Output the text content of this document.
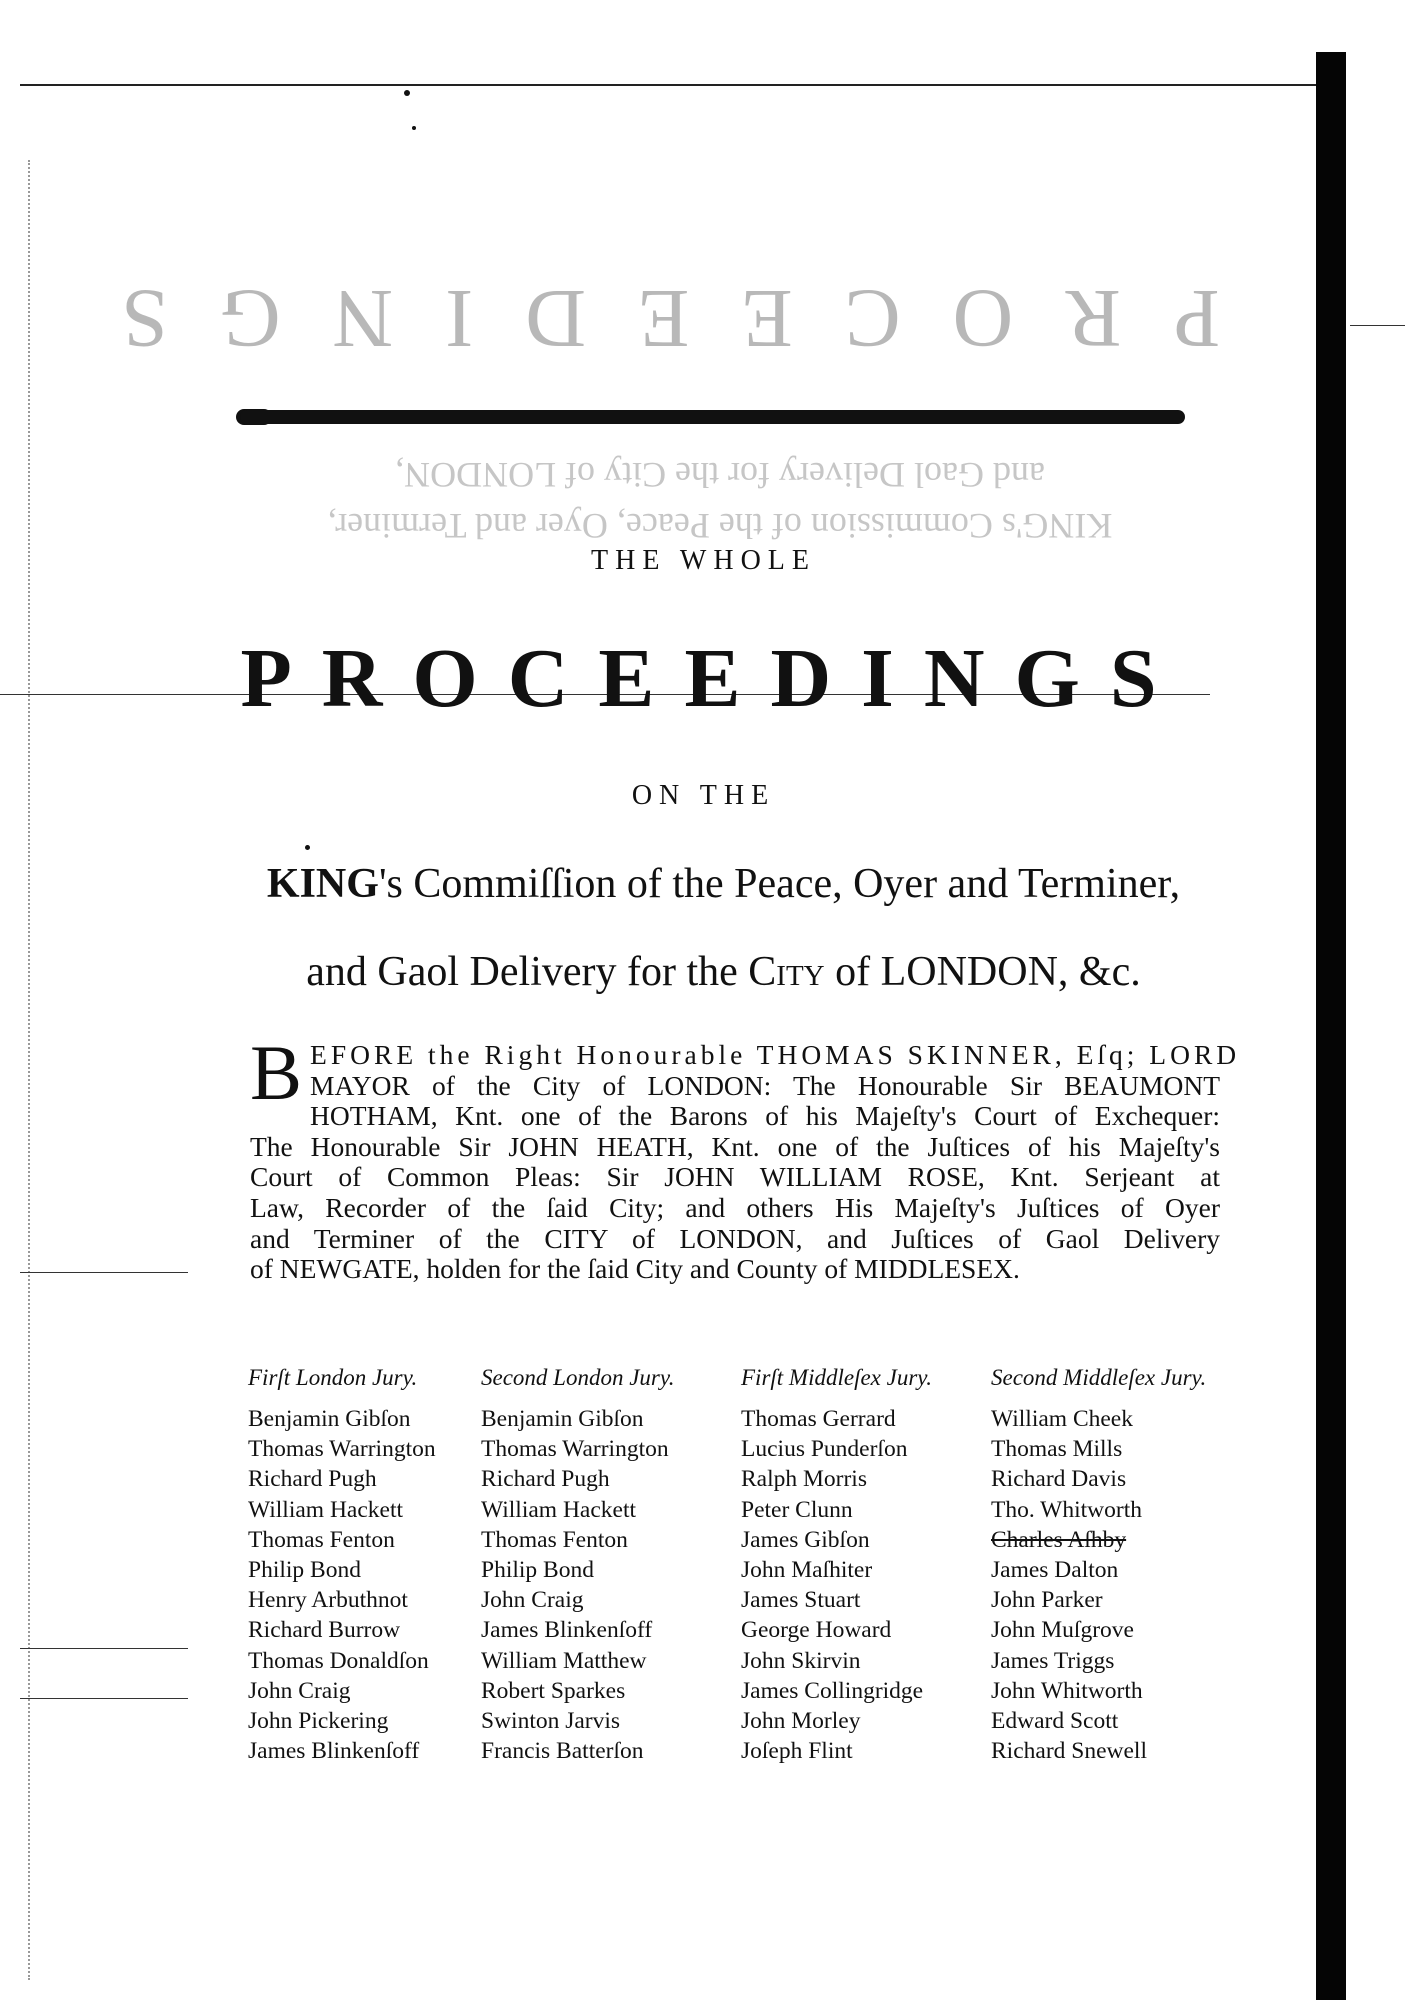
PROCEEDINGS
and Gaol Delivery for the City of LONDON,
KING's Commission of the Peace, Oyer and Terminer,
THE WHOLE
PROCEEDINGS
ON THE
KING's Commiſſion of the Peace, Oyer and Terminer,
and Gaol Delivery for the City of LONDON, &c.
B EFORE the Right Honourable THOMAS SKINNER, Eſq; LORD
MAYOR of the City of LONDON: The Honourable Sir BEAUMONT
HOTHAM, Knt. one of the Barons of his Majeſty's Court of Exchequer:
The Honourable Sir JOHN HEATH, Knt. one of the Juſtices of his Majeſty's
Court of Common Pleas: Sir JOHN WILLIAM ROSE, Knt. Serjeant at
Law, Recorder of the ſaid City; and others His Majeſty's Juſtices of Oyer
and Terminer of the CITY of LONDON, and Juſtices of Gaol Delivery
of NEWGATE, holden for the ſaid City and County of MIDDLESEX.
Firſt London Jury.
Benjamin Gibſon
Thomas Warrington
Richard Pugh
William Hackett
Thomas Fenton
Philip Bond
Henry Arbuthnot
Richard Burrow
Thomas Donaldſon
John Craig
John Pickering
James Blinkenſoff
Second London Jury.
Benjamin Gibſon
Thomas Warrington
Richard Pugh
William Hackett
Thomas Fenton
Philip Bond
John Craig
James Blinkenſoff
William Matthew
Robert Sparkes
Swinton Jarvis
Francis Batterſon
Firſt Middleſex Jury.
Thomas Gerrard
Lucius Punderſon
Ralph Morris
Peter Clunn
James Gibſon
John Maſhiter
James Stuart
George Howard
John Skirvin
James Collingridge
John Morley
Joſeph Flint
Second Middleſex Jury.
William Cheek
Thomas Mills
Richard Davis
Tho. Whitworth
Charles Aſhby
James Dalton
John Parker
John Muſgrove
James Triggs
John Whitworth
Edward Scott
Richard Snewell
